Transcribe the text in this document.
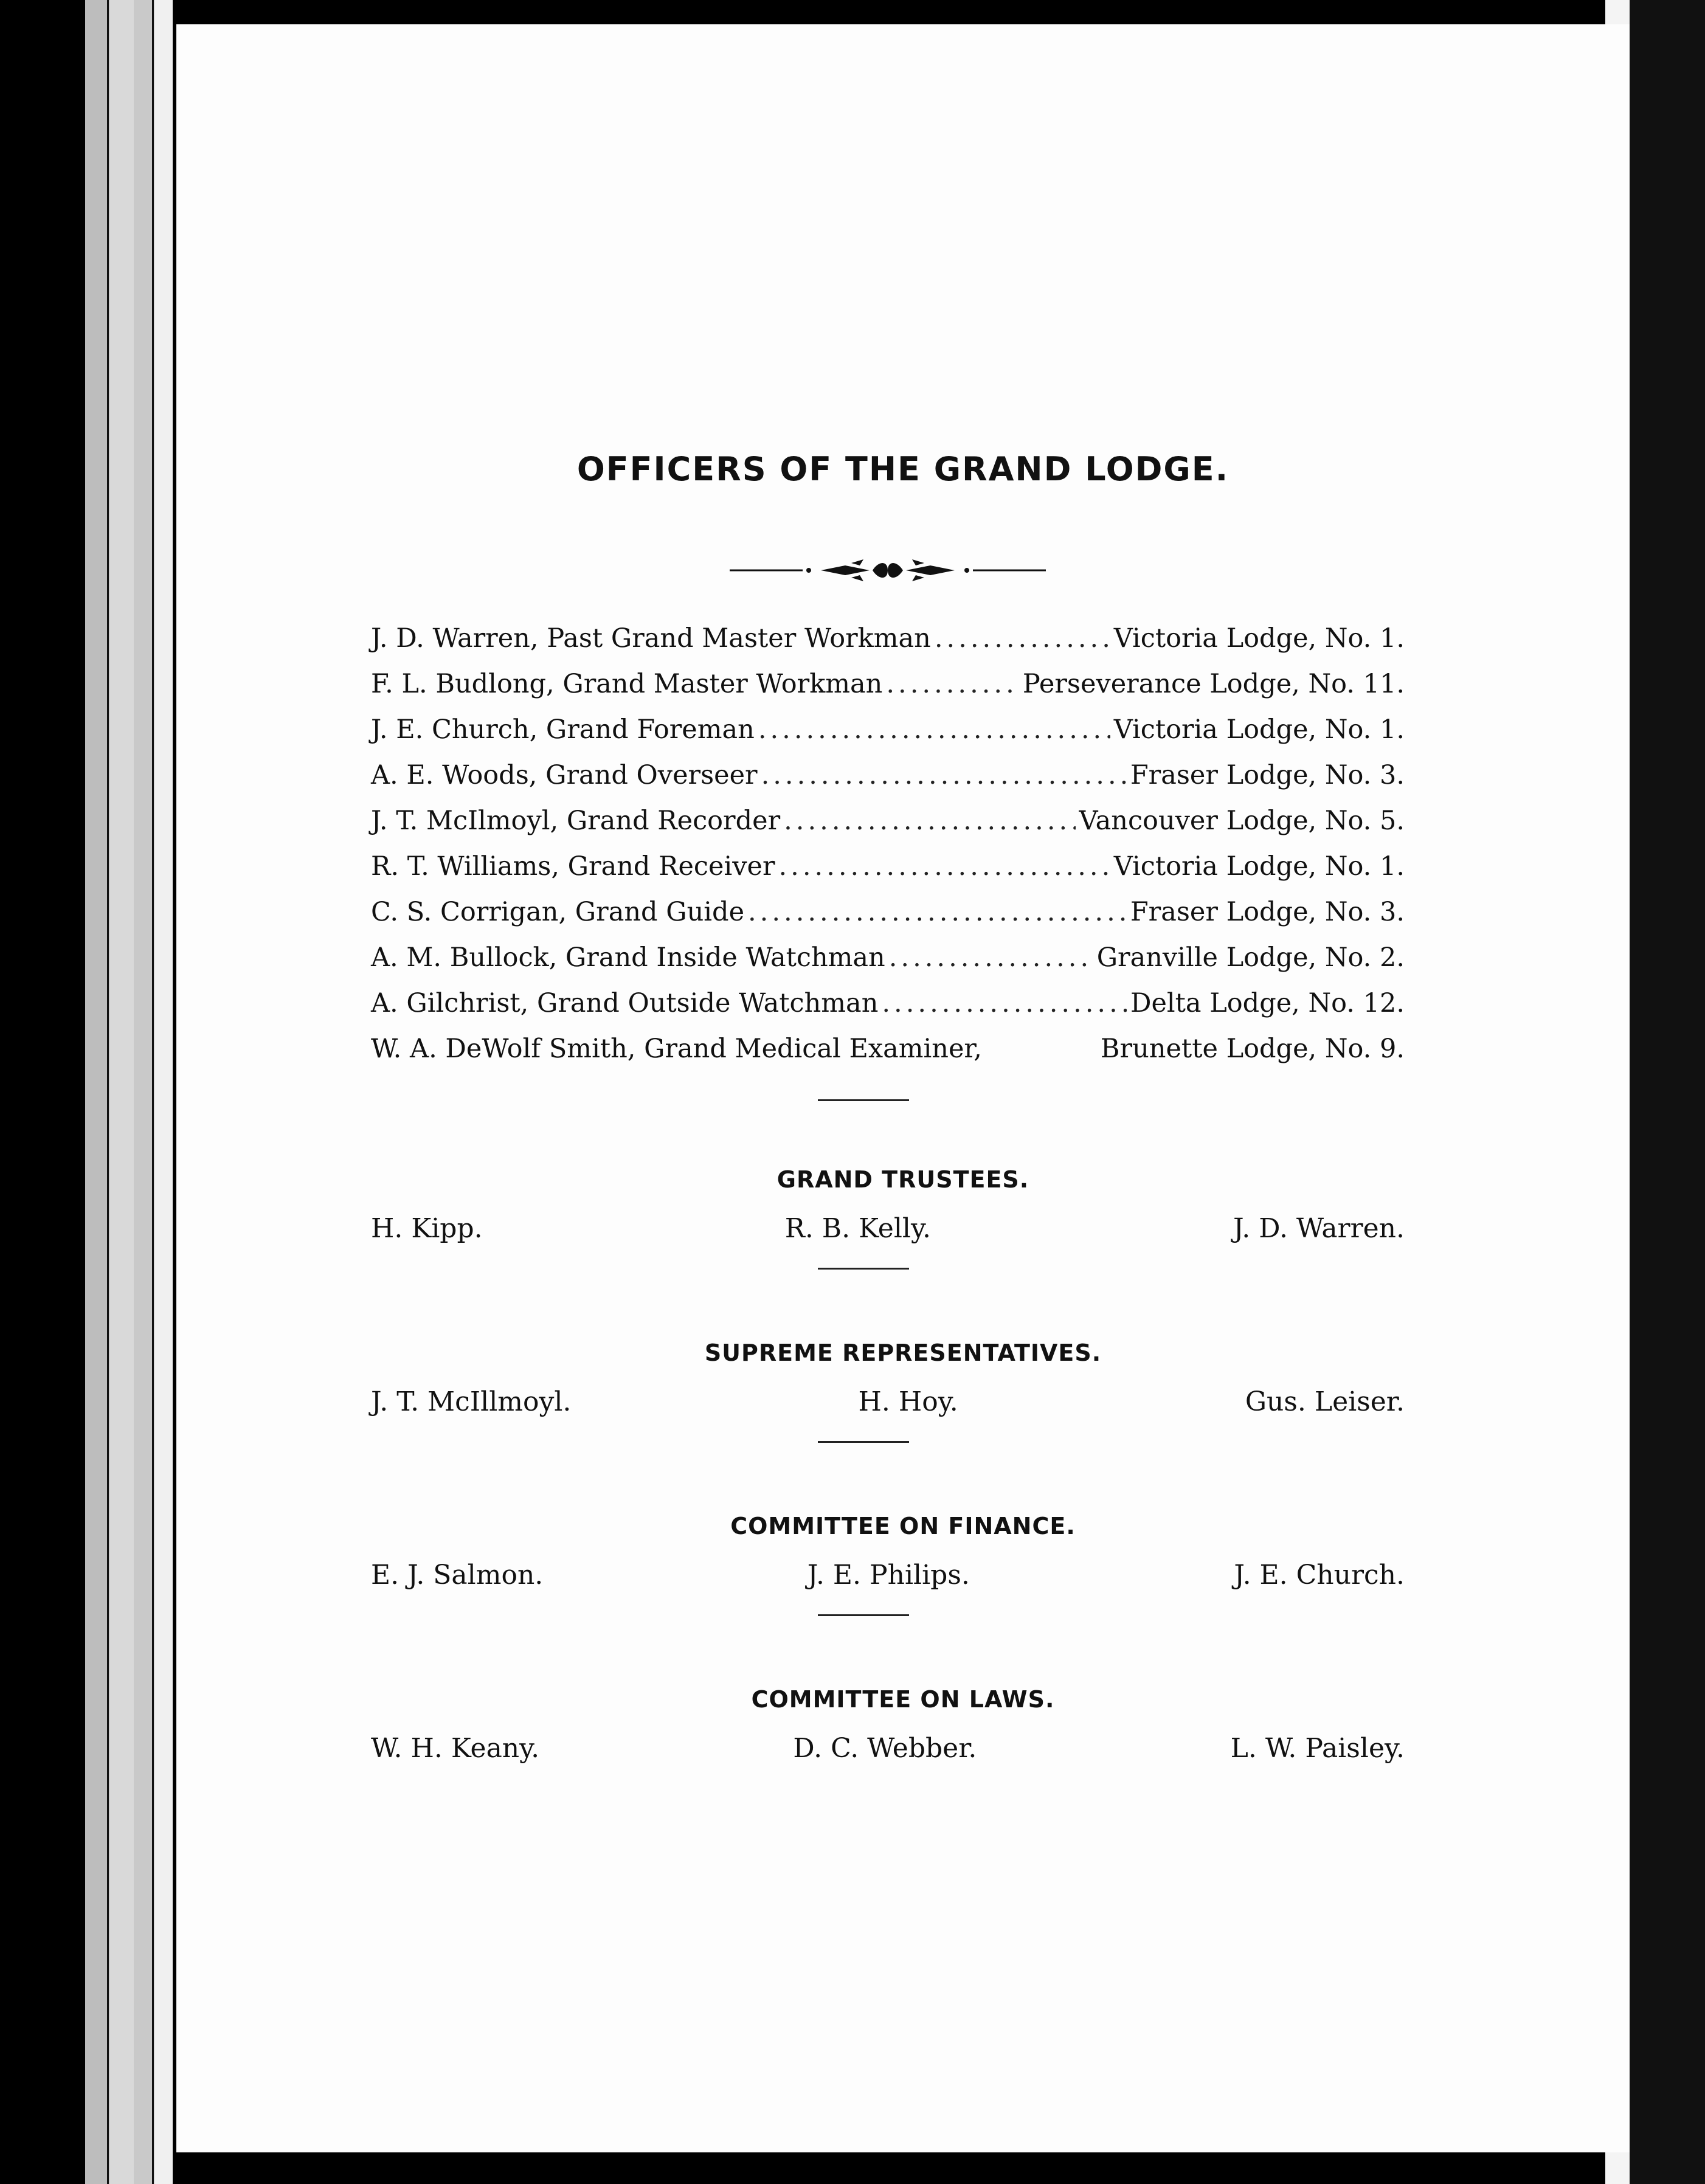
OFFICERS OF THE GRAND LODGE.
J. D. Warren, Past Grand Master Workman .....	Victoria Lodge, No. 1.
F. L. Budlong, Grand Master Workman .....	Perseverance Lodge, No. 11.
J. E. Church, Grand Foreman .....	Victoria Lodge, No. 1.
A. E. Woods, Grand Overseer .....	Fraser Lodge, No. 3.
J. T. McIlmoyl, Grand Recorder .....	Vancouver Lodge, No. 5.
R. T. Williams, Grand Receiver .....	Victoria Lodge, No. 1.
C. S. Corrigan, Grand Guide .....	Fraser Lodge, No. 3.
A. M. Bullock, Grand Inside Watchman .....	Granville Lodge, No. 2.
A. Gilchrist, Grand Outside Watchman .....	Delta Lodge, No. 12.
W. A. DeWolf Smith, Grand Medical Examiner,	Brunette Lodge, No. 9.
GRAND TRUSTEES.
H. Kipp.	R. B. Kelly.	J. D. Warren.
SUPREME REPRESENTATIVES.
J. T. McIllmoyl.	H. Hoy.	Gus. Leiser.
COMMITTEE ON FINANCE.
E. J. Salmon.	J. E. Philips.	J. E. Church.
COMMITTEE ON LAWS.
W. H. Keany.	D. C. Webber.	L. W. Paisley.
